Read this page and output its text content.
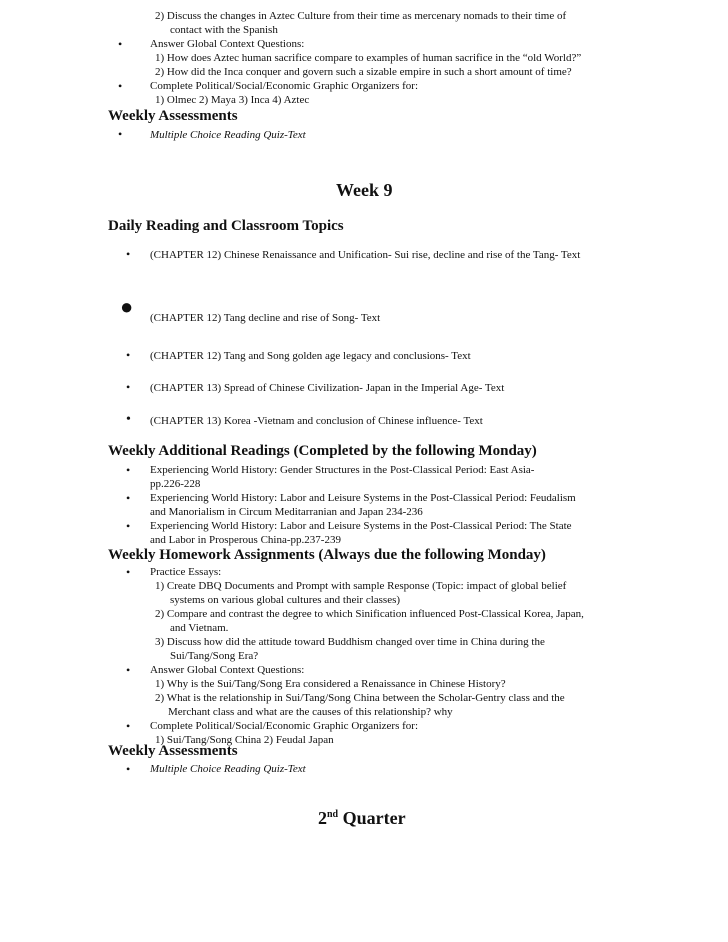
2) Discuss the changes in Aztec Culture from their time as mercenary nomads to their time of
contact with the Spanish
•	Answer Global Context Questions:
1) How does Aztec human sacrifice compare to examples of human sacrifice in the “old World?”
2) How did the Inca conquer and govern such a sizable empire in such a short amount of time?
•	Complete Political/Social/Economic Graphic Organizers for:
1) Olmec 2) Maya 3) Inca 4) Aztec
Weekly Assessments
•	Multiple Choice Reading Quiz-Text
Week 9
Daily Reading and Classroom Topics
• (CHAPTER 12) Chinese Renaissance and Unification- Sui rise, decline and rise of the Tang- Text
● (CHAPTER 12) Tang decline and rise of Song- Text
• (CHAPTER 12) Tang and Song golden age legacy and conclusions- Text
• (CHAPTER 13) Spread of Chinese Civilization- Japan in the Imperial Age- Text
• (CHAPTER 13) Korea -Vietnam and conclusion of Chinese influence- Text
Weekly Additional Readings (Completed by the following Monday)
• Experiencing World History: Gender Structures in the Post-Classical Period: East Asia-
pp.226-228
• Experiencing World History: Labor and Leisure Systems in the Post-Classical Period: Feudalism
and Manorialism in Circum Meditarranian and Japan 234-236
• Experiencing World History: Labor and Leisure Systems in the Post-Classical Period: The State
and Labor in Prosperous China-pp.237-239
Weekly Homework Assignments (Always due the following Monday)
• Practice Essays:
1) Create DBQ Documents and Prompt with sample Response (Topic: impact of global belief
systems on various global cultures and their classes)
2) Compare and contrast the degree to which Sinification influenced Post-Classical Korea, Japan,
and Vietnam.
3) Discuss how did the attitude toward Buddhism changed over time in China during the
Sui/Tang/Song Era?
• Answer Global Context Questions:
1) Why is the Sui/Tang/Song Era considered a Renaissance in Chinese History?
2) What is the relationship in Sui/Tang/Song China between the Scholar-Gentry class and the
Merchant class and what are the causes of this relationship? why
• Complete Political/Social/Economic Graphic Organizers for:
1) Sui/Tang/Song China 2) Feudal Japan
Weekly Assessments
• Multiple Choice Reading Quiz-Text
2nd Quarter
